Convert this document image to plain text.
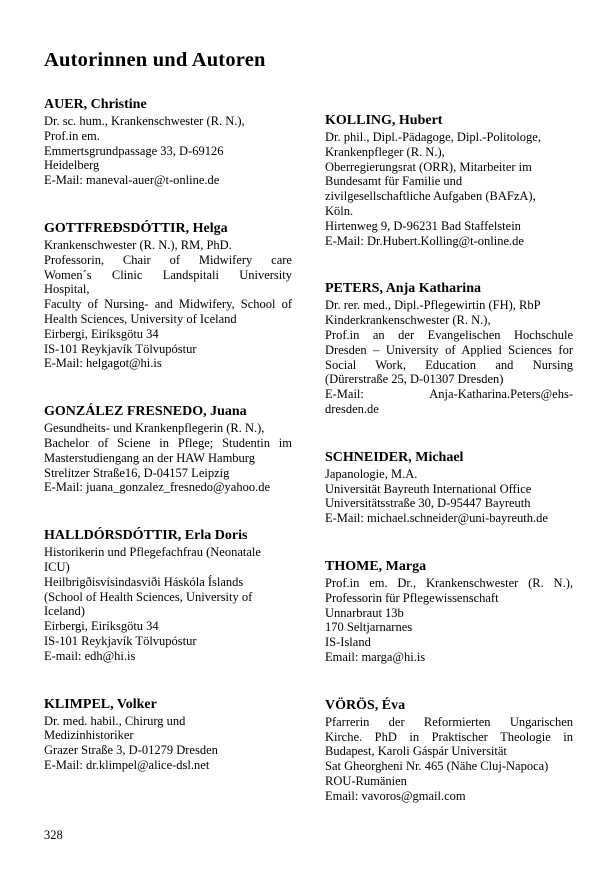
Autorinnen und Autoren
AUER, Christine
Dr. sc. hum., Krankenschwester (R. N.),
Prof.in em.
Emmertsgrundpassage 33, D-69126
Heidelberg
E-Mail: maneval-auer@t-online.de
GOTTFREÐSDÓTTIR, Helga
Krankenschwester (R. N.), RM, PhD.
Professorin, Chair of Midwifery care
Women´s Clinic Landspitali University
Hospital,
Faculty of Nursing- and Midwifery, School of
Health Sciences, University of Iceland
Eirbergi, Eiríksgötu 34
IS-101 Reykjavík Tölvupóstur
E-Mail: helgagot@hi.is
GONZÁLEZ FRESNEDO, Juana
Gesundheits- und Krankenpflegerin (R. N.),
Bachelor of Sciene in Pflege; Studentin im
Masterstudiengang an der HAW Hamburg
Strelitzer Straße16, D-04157 Leipzig
E-Mail: juana_gonzalez_fresnedo@yahoo.de
HALLDÓRSDÓTTIR, Erla Doris
Historikerin und Pflegefachfrau (Neonatale
ICU)
Heilbrigðisvísindasviði Háskóla Íslands
(School of Health Sciences, University of
Iceland)
Eirbergi, Eiríksgötu 34
IS-101 Reykjavík Tölvupóstur
E-mail: edh@hi.is
KLIMPEL, Volker
Dr. med. habil., Chirurg und
Medizinhistoriker
Grazer Straße 3, D-01279 Dresden
E-Mail: dr.klimpel@alice-dsl.net
KOLLING, Hubert
Dr. phil., Dipl.-Pädagoge, Dipl.-Politologe,
Krankenpfleger (R. N.),
Oberregierungsrat (ORR), Mitarbeiter im
Bundesamt für Familie und
zivilgesellschaftliche Aufgaben (BAFzA),
Köln.
Hirtenweg 9, D-96231 Bad Staffelstein
E-Mail: Dr.Hubert.Kolling@t-online.de
PETERS, Anja Katharina
Dr. rer. med., Dipl.-Pflegewirtin (FH), RbP
Kinderkrankenschwester (R. N.),
Prof.in an der Evangelischen Hochschule
Dresden – University of Applied Sciences for
Social Work, Education and Nursing
(Dürerstraße 25, D-01307 Dresden)
E-Mail: Anja-Katharina.Peters@ehs-
dresden.de
SCHNEIDER, Michael
Japanologie, M.A.
Universität Bayreuth International Office
Universitätsstraße 30, D-95447 Bayreuth
E-Mail: michael.schneider@uni-bayreuth.de
THOME, Marga
Prof.in em. Dr., Krankenschwester (R. N.),
Professorin für Pflegewissenschaft
Unnarbraut 13b
170 Seltjarnarnes
IS-Island
Email: marga@hi.is
VÖRÖS, Éva
Pfarrerin der Reformierten Ungarischen
Kirche. PhD in Praktischer Theologie in
Budapest, Karoli Gáspár Universität
Sat Gheorgheni Nr. 465 (Nähe Cluj-Napoca)
ROU-Rumänien
Email: vavoros@gmail.com
328
